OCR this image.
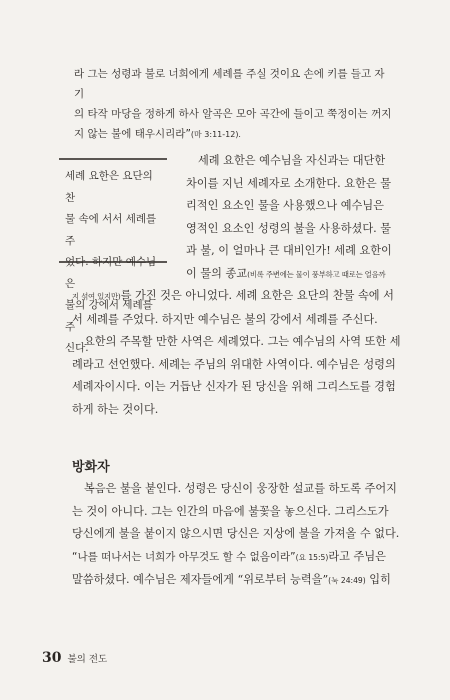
라 그는 성령과 불로 너희에게 세례를 주실 것이요 손에 키를 들고 자기
의 타작 마당을 정하게 하사 알곡은 모아 곡간에 들이고 쭉정이는 꺼지
지 않는 불에 태우시리라”(마 3:11-12).
세례 요한은 요단의 찬
물 속에 서서 세례를 주
었다. 하지만 예수님은
불의 강에서 세례를 주
신다.
세례 요한은 예수님을 자신과는 대단한
차이를 지닌 세례자로 소개한다. 요한은 물
리적인 요소인 물을 사용했으나 예수님은
영적인 요소인 성령의 불을 사용하셨다. 물
과 불, 이 얼마나 큰 대비인가! 세례 요한이
이 물의 종교(비록 주변에는 물이 풍부하고 때로는 얼음까
지 섞여 있지만)를 가진 것은 아니었다. 세례 요한은 요단의 찬물 속에 서
서 세례를 주었다. 하지만 예수님은 불의 강에서 세례를 주신다.
요한의 주목할 만한 사역은 세례였다. 그는 예수님의 사역 또한 세
례라고 선언했다. 세례는 주님의 위대한 사역이다. 예수님은 성령의
세례자이시다. 이는 거듭난 신자가 된 당신을 위해 그리스도를 경험
하게 하는 것이다.
방화자
복음은 불을 붙인다. 성령은 당신이 웅장한 설교를 하도록 주어지
는 것이 아니다. 그는 인간의 마음에 불꽃을 놓으신다. 그리스도가
당신에게 불을 붙이지 않으시면 당신은 지상에 불을 가져올 수 없다.
“나를 떠나서는 너희가 아무것도 할 수 없음이라”(요 15:5)라고 주님은
말씀하셨다. 예수님은 제자들에게 “위로부터 능력을”(눅 24:49) 입히
30 불의 전도
